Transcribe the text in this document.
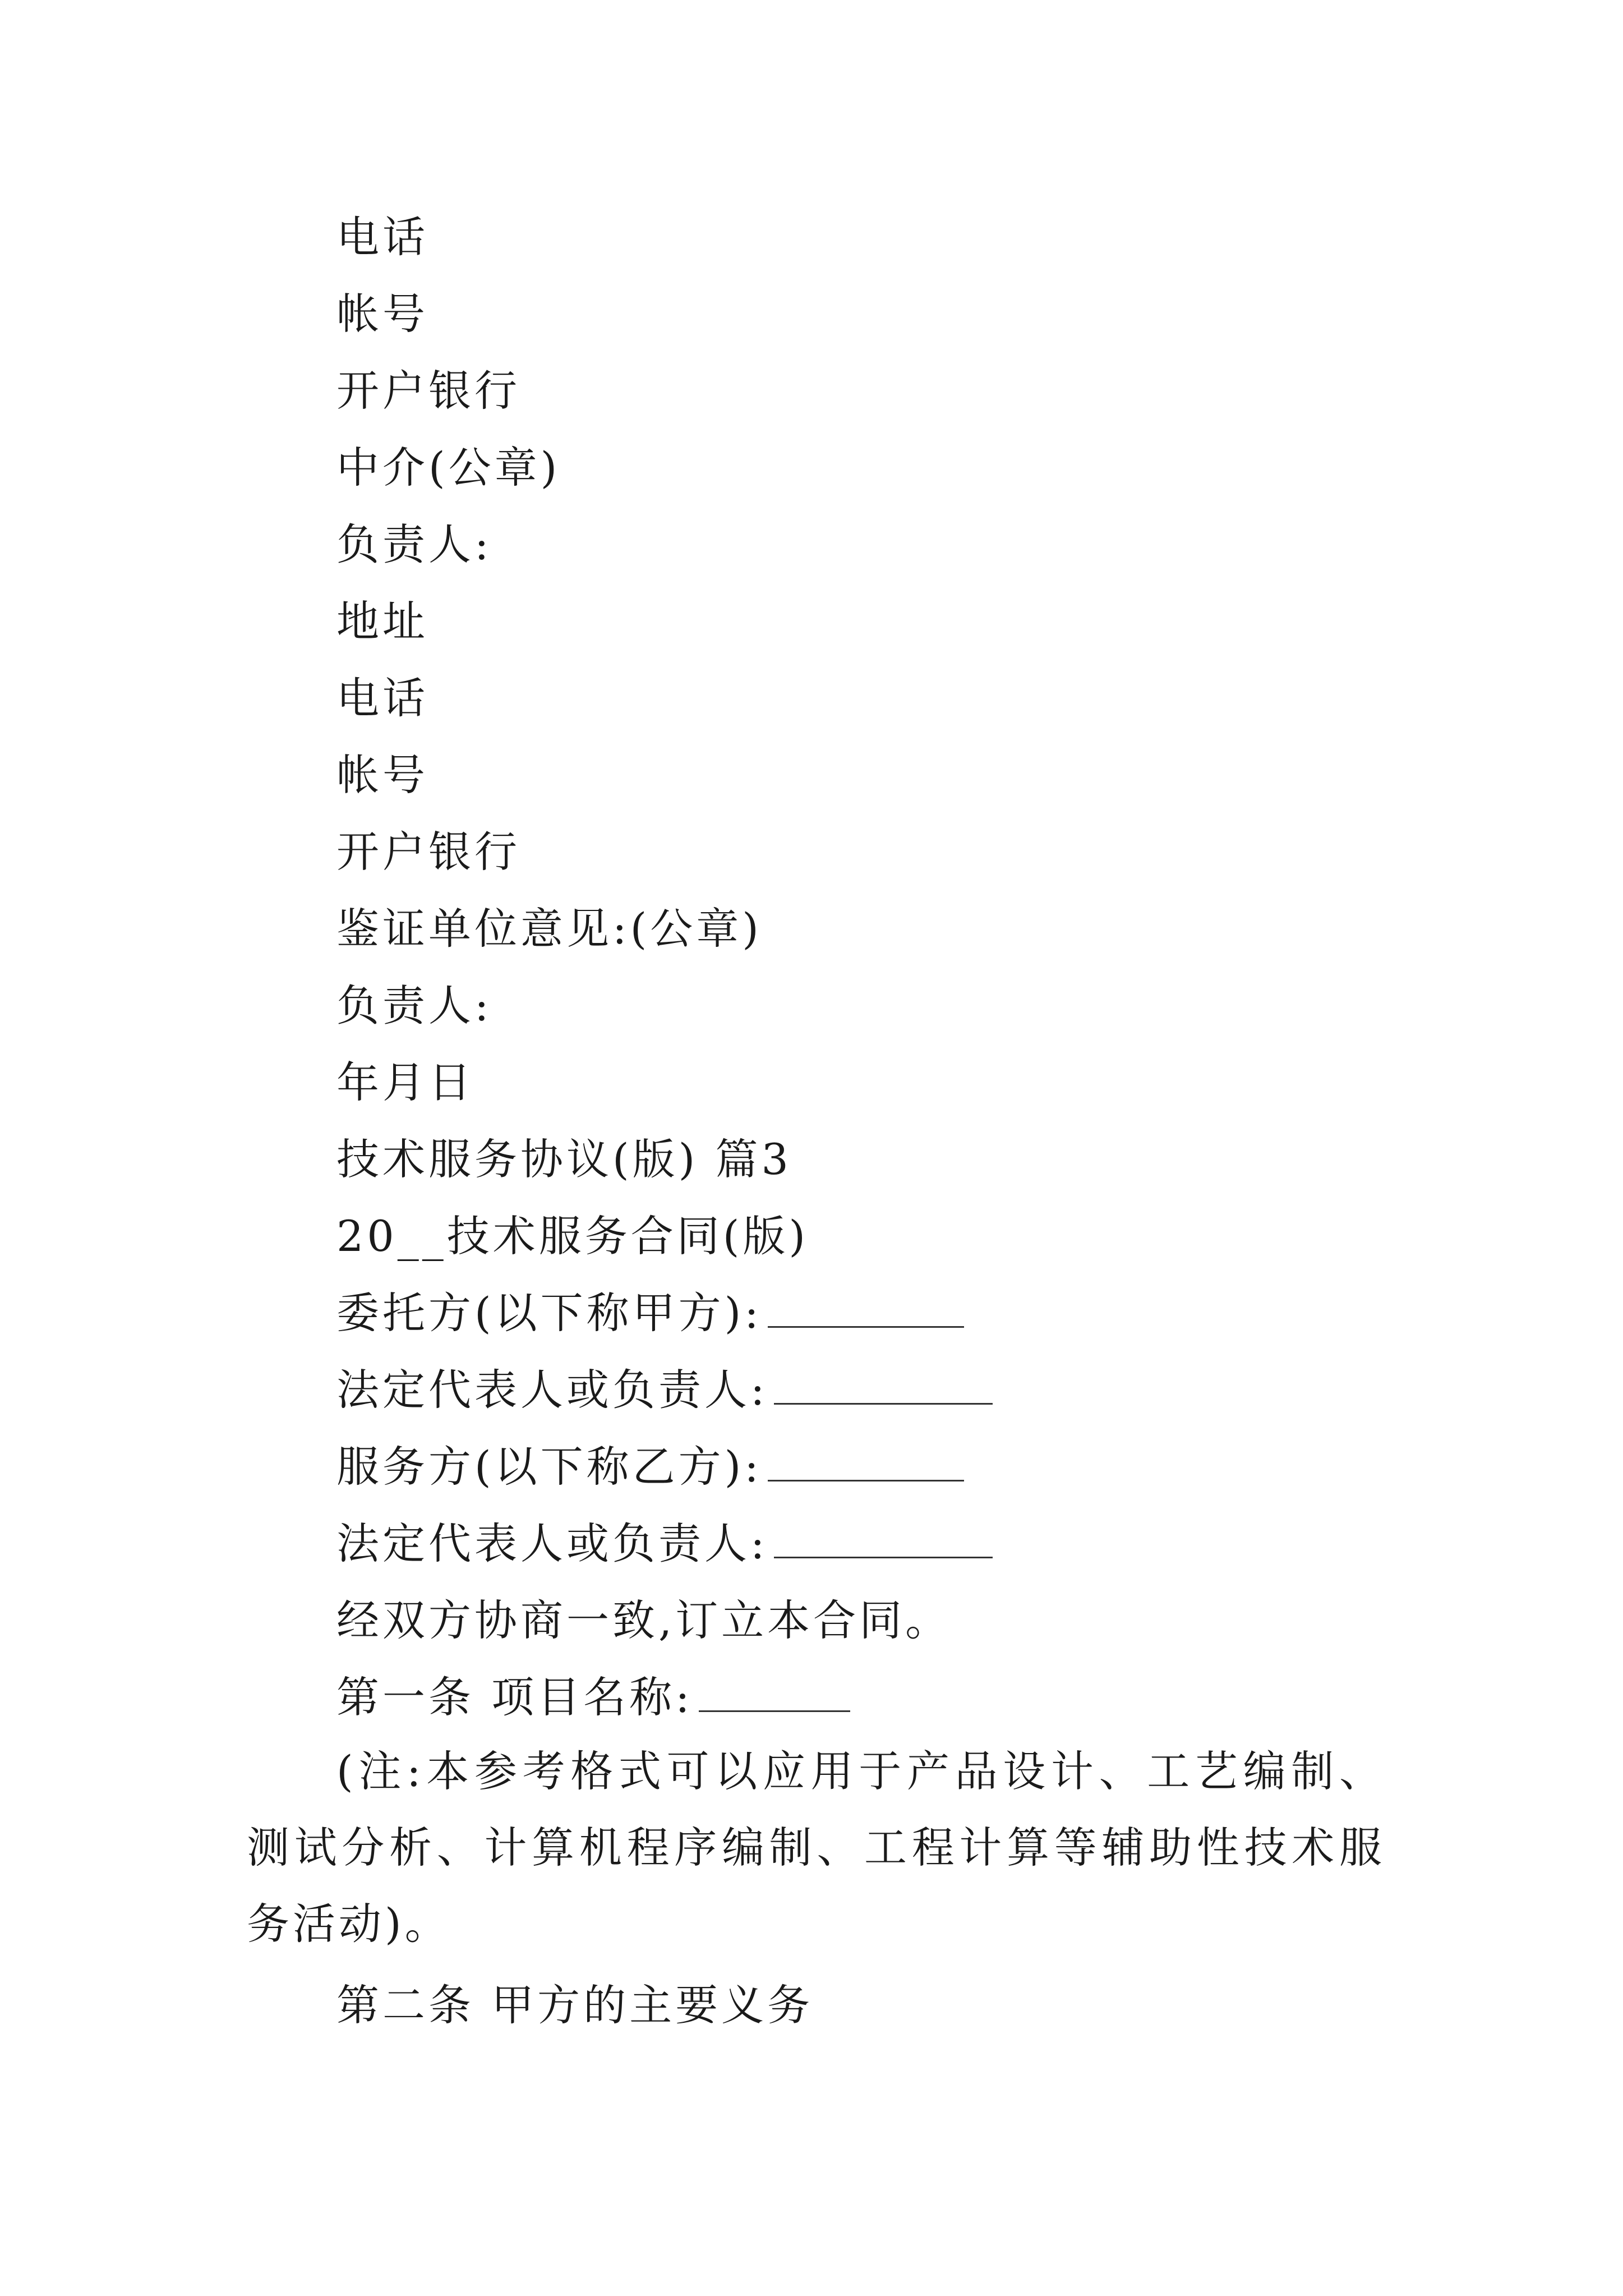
电话
帐号
开户银行
中介(公章)
负责人:
地址
电话
帐号
开户银行
鉴证单位意见:(公章)
负责人:
年月日
技术服务协议(版) 篇3
20__技术服务合同(版)
委托方(以下称甲方):
法定代表人或负责人:
服务方(以下称乙方):
法定代表人或负责人:
经双方协商一致,订立本合同。
第一条 项目名称:
(注:本参考格式可以应用于产品设计、工艺编制、测试分析、计算机程序编制、工程计算等辅助性技术服务活动)。
第二条 甲方的主要义务
